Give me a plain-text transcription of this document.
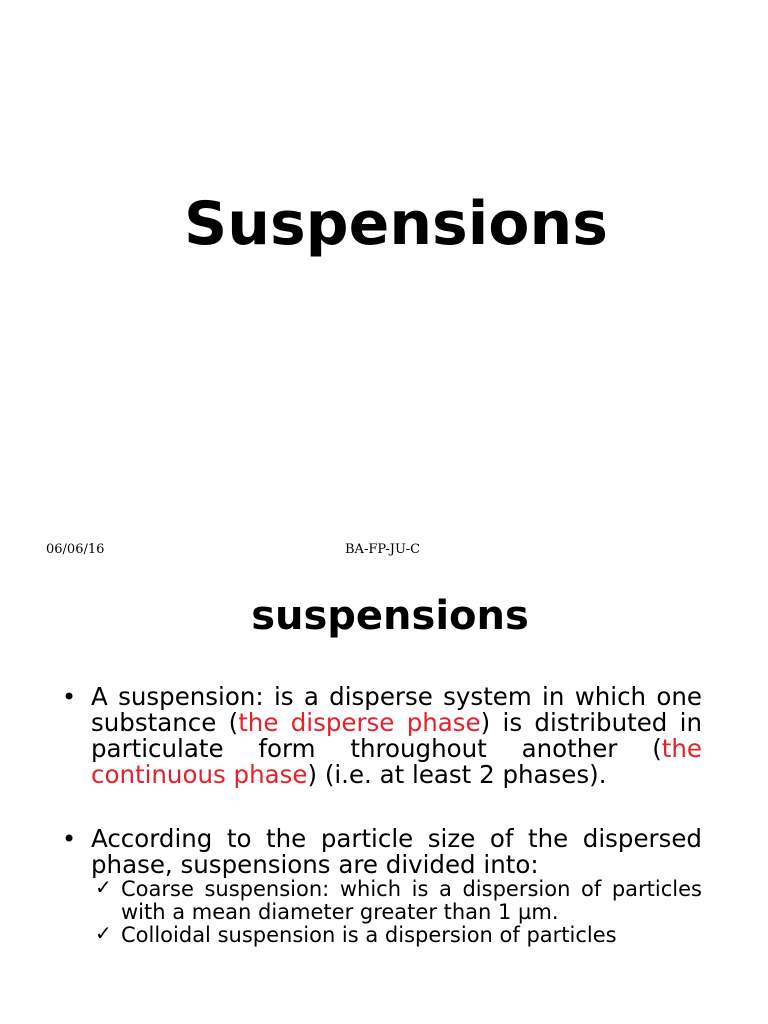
Suspensions
06/06/16	BA-FP-JU-C
suspensions
• A suspension: is a disperse system in which one substance (the disperse phase) is distributed in particulate form throughout another (the continuous phase) (i.e. at least 2 phases).
• According to the particle size of the dispersed phase, suspensions are divided into:
✓ Coarse suspension: which is a dispersion of particles with a mean diameter greater than 1 µm.
✓ Colloidal suspension is a dispersion of particles
